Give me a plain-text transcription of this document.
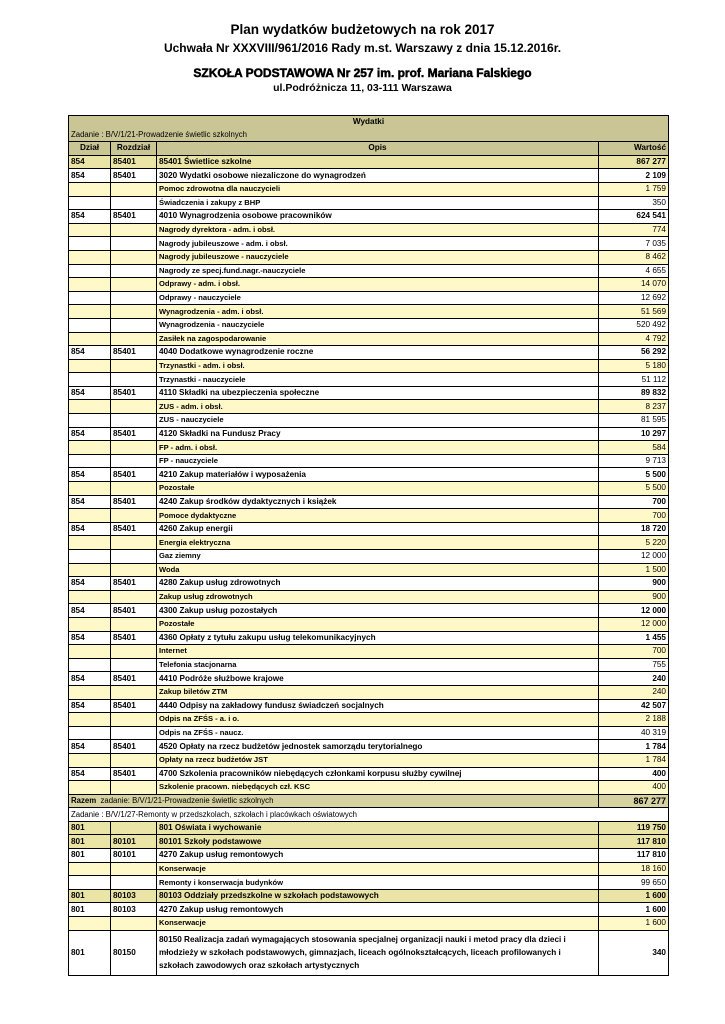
Plan wydatków budżetowych na rok 2017
Uchwała Nr XXXVIII/961/2016 Rady m.st. Warszawy z dnia 15.12.2016r.
SZKOŁA PODSTAWOWA Nr 257 im. prof. Mariana Falskiego
ul.Podróżnicza 11, 03-111 Warszawa
Wydatki			
Zadanie : B/V/1/21-Prowadzenie świetlic szkolnych			
Dział	Rozdział	Opis	Wartość
854	85401	85401 Świetlice szkolne	867 277
854	85401	3020 Wydatki osobowe niezaliczone do wynagrodzeń	2 109
		Pomoc zdrowotna dla nauczycieli	1 759
		Świadczenia i zakupy z BHP	350
854	85401	4010 Wynagrodzenia osobowe pracowników	624 541
		Nagrody dyrektora - adm. i obsł.	774
		Nagrody jubileuszowe - adm. i obsł.	7 035
		Nagrody jubileuszowe - nauczyciele	8 462
		Nagrody ze specj.fund.nagr.-nauczyciele	4 655
		Odprawy - adm. i obsł.	14 070
		Odprawy - nauczyciele	12 692
		Wynagrodzenia - adm. i obsł.	51 569
		Wynagrodzenia - nauczyciele	520 492
		Zasiłek na zagospodarowanie	4 792
854	85401	4040 Dodatkowe wynagrodzenie roczne	56 292
		Trzynastki - adm. i obsł.	5 180
		Trzynastki - nauczyciele	51 112
854	85401	4110 Składki na ubezpieczenia społeczne	89 832
		ZUS - adm. i obsł.	8 237
		ZUS - nauczyciele	81 595
854	85401	4120 Składki na Fundusz Pracy	10 297
		FP - adm. i obsł.	584
		FP - nauczyciele	9 713
854	85401	4210 Zakup materiałów i wyposażenia	5 500
		Pozostałe	5 500
854	85401	4240 Zakup środków dydaktycznych i książek	700
		Pomoce dydaktyczne	700
854	85401	4260 Zakup energii	18 720
		Energia elektryczna	5 220
		Gaz ziemny	12 000
		Woda	1 500
854	85401	4280 Zakup usług zdrowotnych	900
		Zakup usług zdrowotnych	900
854	85401	4300 Zakup usług pozostałych	12 000
		Pozostałe	12 000
854	85401	4360 Opłaty z tytułu zakupu usług telekomunikacyjnych	1 455
		Internet	700
		Telefonia stacjonarna	755
854	85401	4410 Podróże służbowe krajowe	240
		Zakup biletów ZTM	240
854	85401	4440 Odpisy na zakładowy fundusz świadczeń socjalnych	42 507
		Odpis na ZFŚS - a. i o.	2 188
		Odpis na ZFŚS - naucz.	40 319
854	85401	4520 Opłaty na rzecz budżetów jednostek samorządu terytorialnego	1 784
		Opłaty na rzecz budżetów JST	1 784
854	85401	4700 Szkolenia pracowników niebędących członkami korpusu służby cywilnej	400
		Szkolenie pracown. niebędących czł. KSC	400
Razem zadanie: B/V/1/21-Prowadzenie świetlic szkolnych			867 277
Zadanie : B/V/1/27-Remonty w przedszkolach, szkołach i placówkach oświatowych			
801		801 Oświata i wychowanie	119 750
801	80101	80101 Szkoły podstawowe	117 810
801	80101	4270 Zakup usług remontowych	117 810
		Konserwacje	18 160
		Remonty i konserwacja budynków	99 650
801	80103	80103 Oddziały przedszkolne w szkołach podstawowych	1 600
801	80103	4270 Zakup usług remontowych	1 600
		Konserwacje	1 600
801	80150	80150 Realizacja zadań wymagających stosowania specjalnej organizacji nauki i metod pracy dla dzieci i młodzieży w szkołach podstawowych, gimnazjach, liceach ogólnokształcących, liceach profilowanych i szkołach zawodowych oraz szkołach artystycznych	340
